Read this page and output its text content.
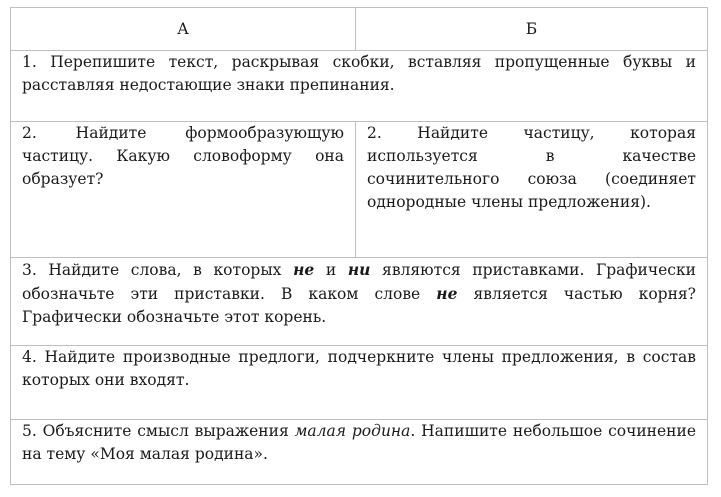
А	Б
1. Перепишите текст, раскрывая скобки, вставляя пропущенные буквы и расставляя недостающие знаки препинания.	
2. Найдите формообразующую частицу. Какую словоформу она образует?	2. Найдите частицу, которая используется в качестве сочинительного союза (соединяет однородные члены предложения).
3. Найдите слова, в которых не и ни являются приставками. Графически обозначьте эти приставки. В каком слове не является частью корня? Графически обозначьте этот корень.	
4. Найдите производные предлоги, подчеркните члены предложения, в состав которых они входят.	
5. Объясните смысл выражения малая родина. Напишите небольшое сочинение на тему «Моя малая родина».	
